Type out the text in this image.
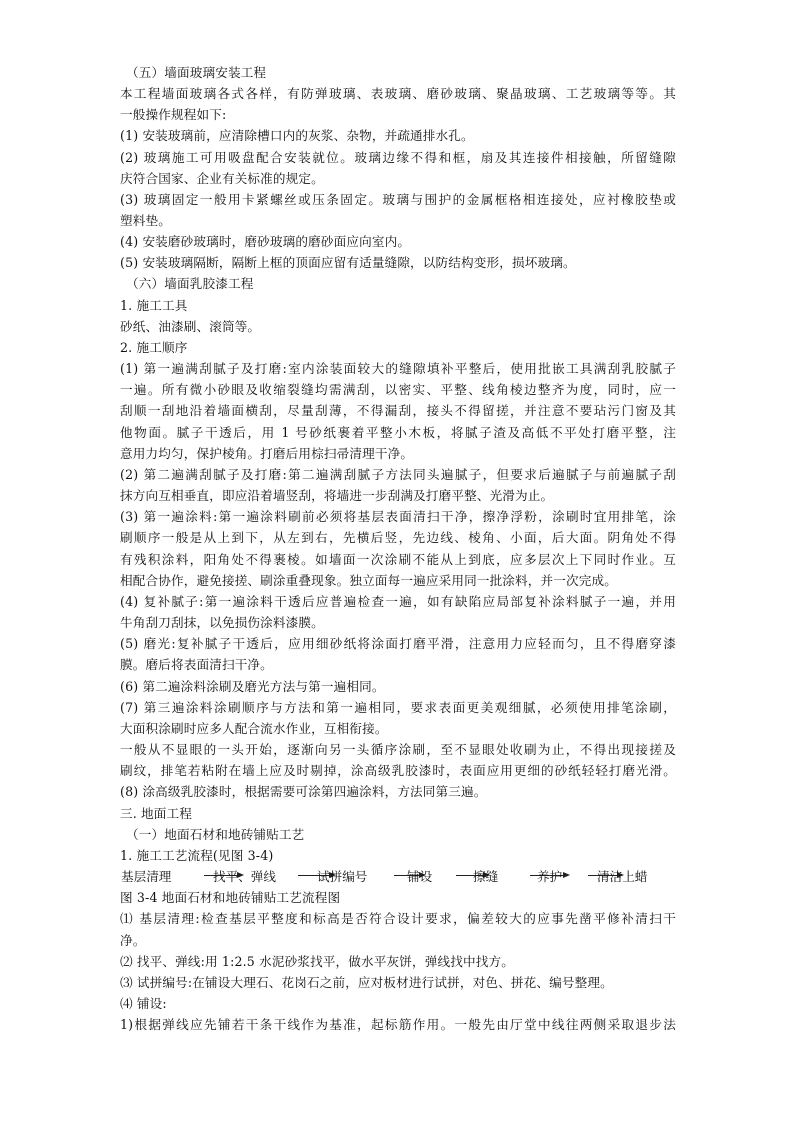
（五）墙面玻璃安装工程
本工程墙面玻璃各式各样，有防弹玻璃、表玻璃、磨砂玻璃、聚晶玻璃、工艺玻璃等等。其
一般操作规程如下:
(1) 安装玻璃前，应清除槽口内的灰浆、杂物，并疏通排水孔。
(2) 玻璃施工可用吸盘配合安装就位。玻璃边缘不得和框，扇及其连接件相接触，所留缝隙
庆符合国家、企业有关标准的规定。
(3) 玻璃固定一般用卡紧螺丝或压条固定。玻璃与围护的金属框格相连接处，应衬橡胶垫或
塑料垫。
(4) 安装磨砂玻璃时，磨砂玻璃的磨砂面应向室内。
(5) 安装玻璃隔断，隔断上框的顶面应留有适量缝隙，以防结构变形，损坏玻璃。
（六）墙面乳胶漆工程
1. 施工工具
砂纸、油漆刷、滚筒等。
2. 施工顺序
(1) 第一遍满刮腻子及打磨:室内涂装面较大的缝隙填补平整后，使用批嵌工具满刮乳胶腻子
一遍。所有微小砂眼及收缩裂缝均需满刮，以密实、平整、线角棱边整齐为度，同时，应一
刮顺一刮地沿着墙面横刮，尽量刮薄，不得漏刮，接头不得留搓，并注意不要玷污门窗及其
他物面。腻子干透后，用 1 号砂纸裹着平整小木板，将腻子渣及高低不平处打磨平整，注
意用力均匀，保护棱角。打磨后用棕扫帚清理干净。
(2) 第二遍满刮腻子及打磨:第二遍满刮腻子方法同头遍腻子，但要求后遍腻子与前遍腻子刮
抹方向互相垂直，即应沿着墙竖刮，将墙进一步刮满及打磨平整、光滑为止。
(3) 第一遍涂料:第一遍涂料刷前必须将基层表面清扫干净，擦净浮粉，涂刷时宜用排笔，涂
刷顺序一般是从上到下，从左到右，先横后竖，先边线、棱角、小面，后大面。阴角处不得
有残积涂料，阳角处不得裹棱。如墙面一次涂刷不能从上到底，应多层次上下同时作业。互
相配合协作，避免接搓、刷涂重叠现象。独立面每一遍应采用同一批涂料，并一次完成。
(4) 复补腻子:第一遍涂料干透后应普遍检查一遍，如有缺陷应局部复补涂料腻子一遍，并用
牛角刮刀刮抹，以免损伤涂料漆膜。
(5) 磨光:复补腻子干透后，应用细砂纸将涂面打磨平滑，注意用力应轻而匀，且不得磨穿漆
膜。磨后将表面清扫干净。
(6) 第二遍涂料涂刷及磨光方法与第一遍相同。
(7) 第三遍涂料涂刷顺序与方法和第一遍相同，要求表面更美观细腻，必须使用排笔涂刷，
大面积涂刷时应多人配合流水作业，互相衔接。
一般从不显眼的一头开始，逐渐向另一头循序涂刷，至不显眼处收刷为止，不得出现接搓及
刷纹，排笔若粘附在墙上应及时剔掉，涂高级乳胶漆时，表面应用更细的砂纸轻轻打磨光滑。
(8) 涂高级乳胶漆时，根据需要可涂第四遍涂料，方法同第三遍。
三. 地面工程
（一）地面石材和地砖铺贴工艺
1. 施工工艺流程(见图 3-4)
基层清理	找平、弹线	试拼编号	铺设	擦缝	养护	清洁上蜡
图 3-4 地面石材和地砖铺贴工艺流程图
⑴ 基层清理:检查基层平整度和标高是否符合设计要求，偏差较大的应事先凿平修补清扫干
净。
⑵ 找平、弹线:用 1:2.5 水泥砂浆找平，做水平灰饼，弹线找中找方。
⑶ 试拼编号:在铺设大理石、花岗石之前，应对板材进行试拼，对色、拼花、编号整理。
⑷ 铺设:
1)根据弹线应先铺若干条干线作为基准，起标筋作用。一般先由厅堂中线往两侧采取退步法
